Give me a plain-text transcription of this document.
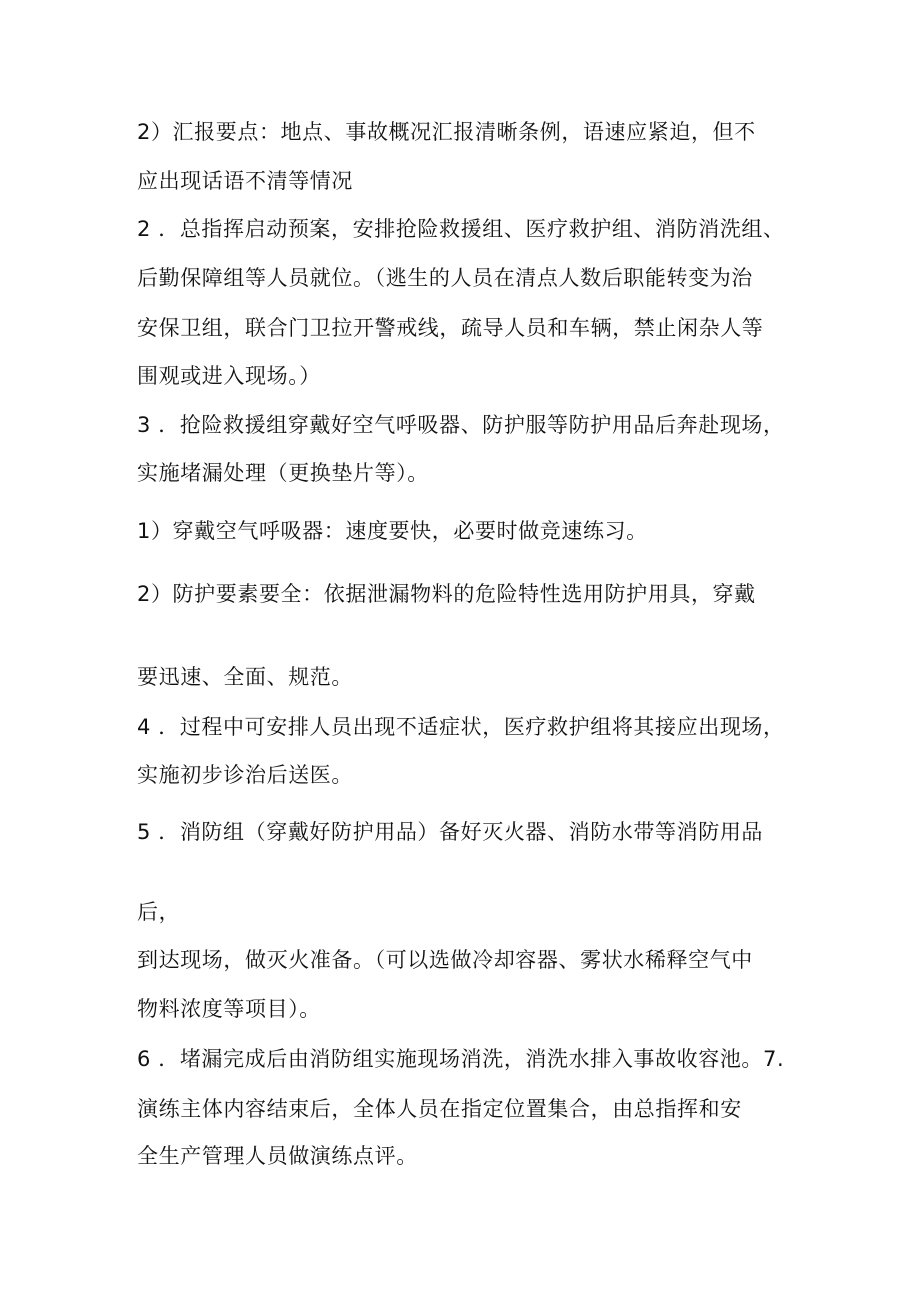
2）汇报要点：地点、事故概况汇报清晰条例，语速应紧迫，但不
应出现话语不清等情况
2 ．总指挥启动预案，安排抢险救援组、医疗救护组、消防消洗组、
后勤保障组等人员就位。（逃生的人员在清点人数后职能转变为治
安保卫组，联合门卫拉开警戒线，疏导人员和车辆，禁止闲杂人等
围观或进入现场。）
3 ．抢险救援组穿戴好空气呼吸器、防护服等防护用品后奔赴现场，
实施堵漏处理（更换垫片等）。
1）穿戴空气呼吸器：速度要快，必要时做竞速练习。
2）防护要素要全：依据泄漏物料的危险特性选用防护用具，穿戴
要迅速、全面、规范。
4 ．过程中可安排人员出现不适症状，医疗救护组将其接应出现场，
实施初步诊治后送医。
5 ．消防组（穿戴好防护用品）备好灭火器、消防水带等消防用品
后，
到达现场，做灭火准备。（可以选做冷却容器、雾状水稀释空气中
物料浓度等项目）。
6 ．堵漏完成后由消防组实施现场消洗，消洗水排入事故收容池。7.
演练主体内容结束后，全体人员在指定位置集合，由总指挥和安
全生产管理人员做演练点评。
